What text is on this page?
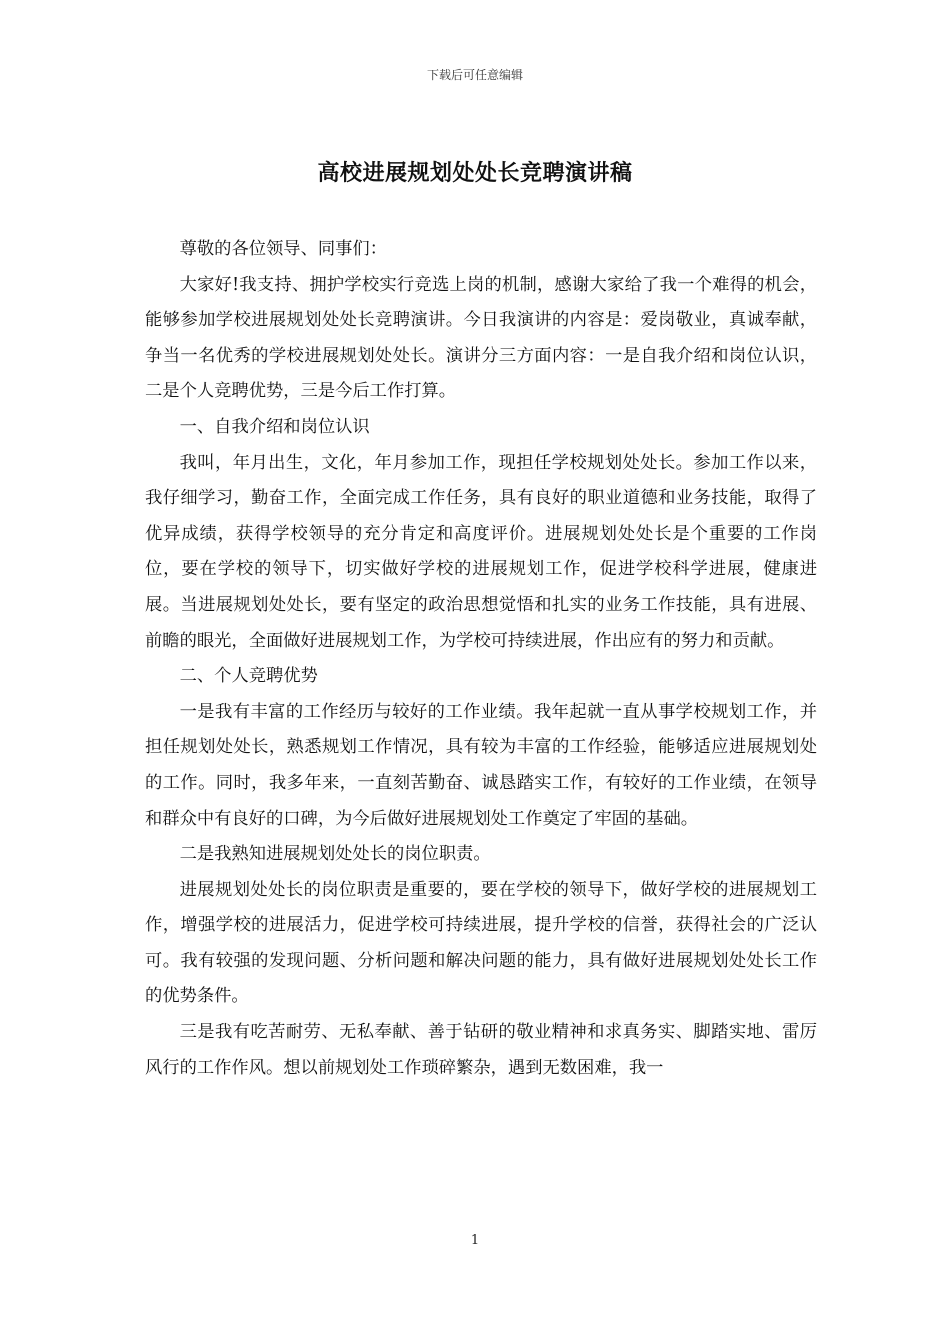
下载后可任意编辑
高校进展规划处处长竞聘演讲稿

尊敬的各位领导、同事们：

大家好!我支持、拥护学校实行竞选上岗的机制，感谢大家给了我一个难得的机会，能够参加学校进展规划处处长竞聘演讲。今日我演讲的内容是：爱岗敬业，真诚奉献，争当一名优秀的学校进展规划处处长。演讲分三方面内容：一是自我介绍和岗位认识，二是个人竞聘优势，三是今后工作打算。

一、自我介绍和岗位认识

我叫，年月出生，文化，年月参加工作，现担任学校规划处处长。参加工作以来，我仔细学习，勤奋工作，全面完成工作任务，具有良好的职业道德和业务技能，取得了优异成绩，获得学校领导的充分肯定和高度评价。进展规划处处长是个重要的工作岗位，要在学校的领导下，切实做好学校的进展规划工作，促进学校科学进展，健康进展。当进展规划处处长，要有坚定的政治思想觉悟和扎实的业务工作技能，具有进展、前瞻的眼光，全面做好进展规划工作，为学校可持续进展，作出应有的努力和贡献。

二、个人竞聘优势

一是我有丰富的工作经历与较好的工作业绩。我年起就一直从事学校规划工作，并担任规划处处长，熟悉规划工作情况，具有较为丰富的工作经验，能够适应进展规划处的工作。同时，我多年来，一直刻苦勤奋、诚恳踏实工作，有较好的工作业绩，在领导和群众中有良好的口碑，为今后做好进展规划处工作奠定了牢固的基础。

二是我熟知进展规划处处长的岗位职责。

进展规划处处长的岗位职责是重要的，要在学校的领导下，做好学校的进展规划工作，增强学校的进展活力，促进学校可持续进展，提升学校的信誉，获得社会的广泛认可。我有较强的发现问题、分析问题和解决问题的能力，具有做好进展规划处处长工作的优势条件。

三是我有吃苦耐劳、无私奉献、善于钻研的敬业精神和求真务实、脚踏实地、雷厉风行的工作作风。想以前规划处工作琐碎繁杂，遇到无数困难，我一

1
